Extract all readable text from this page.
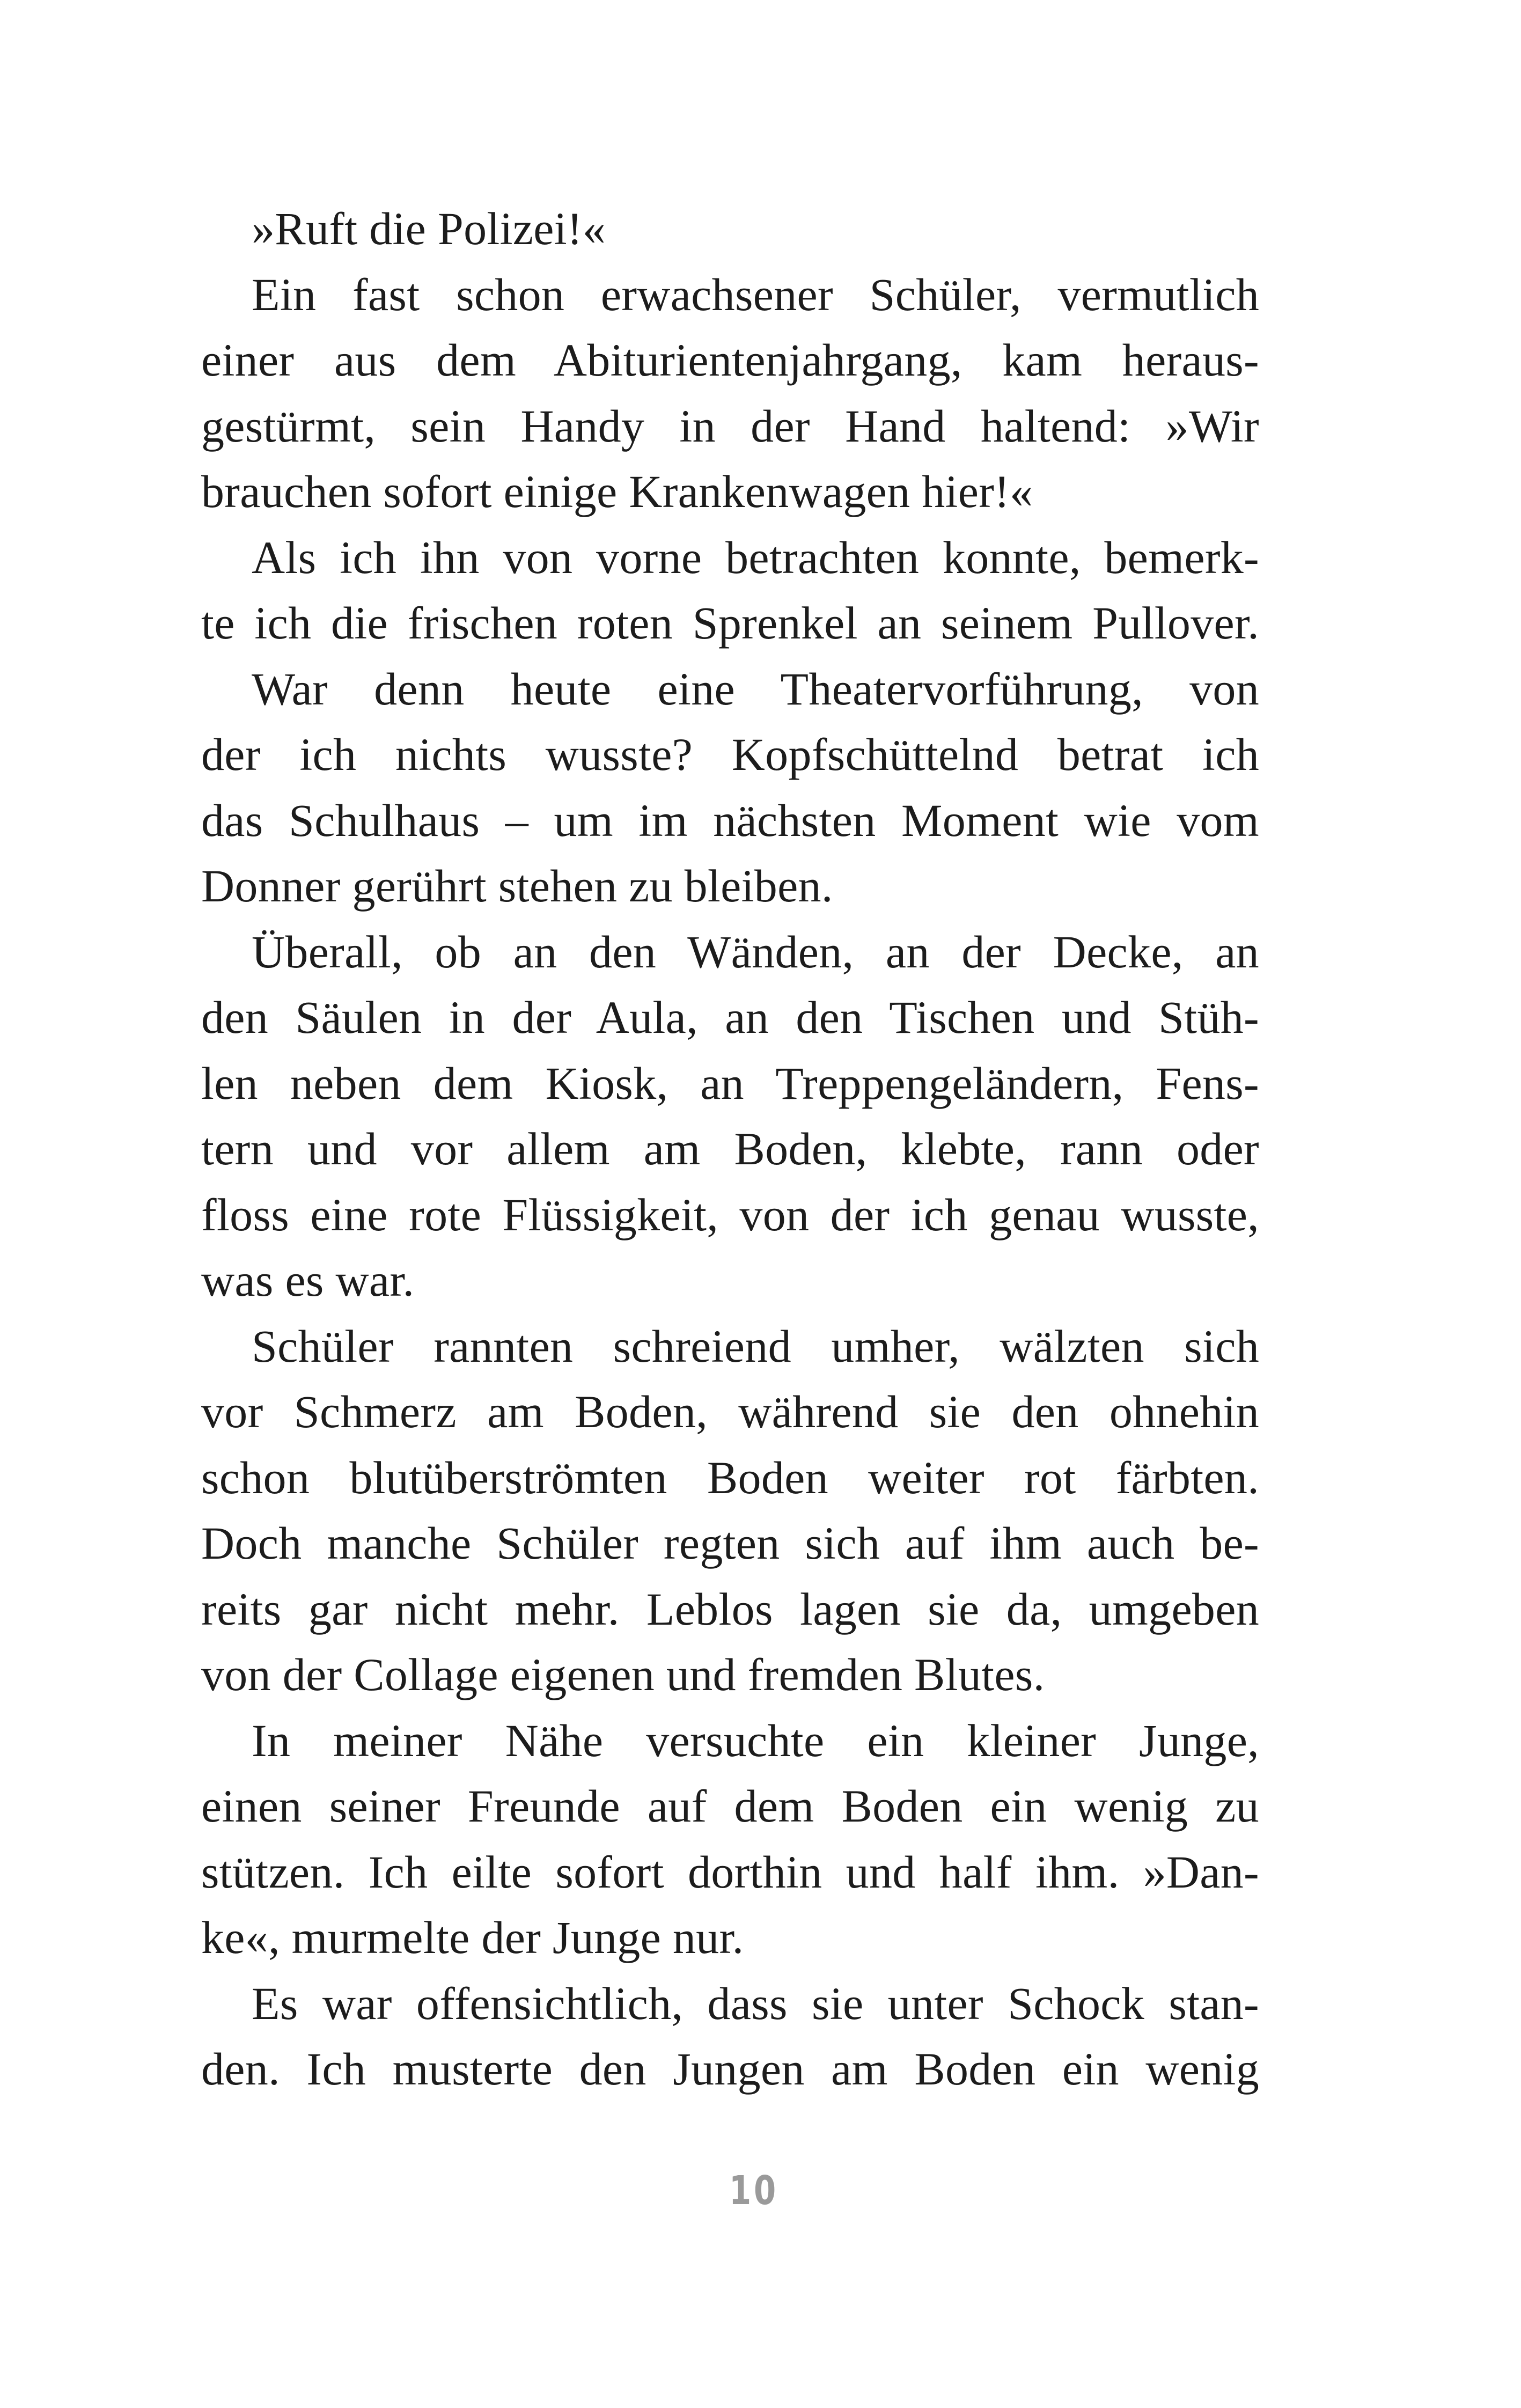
»Ruft die Polizei!«
Ein fast schon erwachsener Schüler, vermutlich
einer aus dem Abiturientenjahrgang, kam heraus-
gestürmt, sein Handy in der Hand haltend: »Wir
brauchen sofort einige Krankenwagen hier!«
Als ich ihn von vorne betrachten konnte, bemerk-
te ich die frischen roten Sprenkel an seinem Pullover.
War denn heute eine Theatervorführung, von
der ich nichts wusste? Kopfschüttelnd betrat ich
das Schulhaus – um im nächsten Moment wie vom
Donner gerührt stehen zu bleiben.
Überall, ob an den Wänden, an der Decke, an
den Säulen in der Aula, an den Tischen und Stüh-
len neben dem Kiosk, an Treppengeländern, Fens-
tern und vor allem am Boden, klebte, rann oder
floss eine rote Flüssigkeit, von der ich genau wusste,
was es war.
Schüler rannten schreiend umher, wälzten sich
vor Schmerz am Boden, während sie den ohnehin
schon blutüberströmten Boden weiter rot färbten.
Doch manche Schüler regten sich auf ihm auch be-
reits gar nicht mehr. Leblos lagen sie da, umgeben
von der Collage eigenen und fremden Blutes.
In meiner Nähe versuchte ein kleiner Junge,
einen seiner Freunde auf dem Boden ein wenig zu
stützen. Ich eilte sofort dorthin und half ihm. »Dan-
ke«, murmelte der Junge nur.
Es war offensichtlich, dass sie unter Schock stan-
den. Ich musterte den Jungen am Boden ein wenig
10
